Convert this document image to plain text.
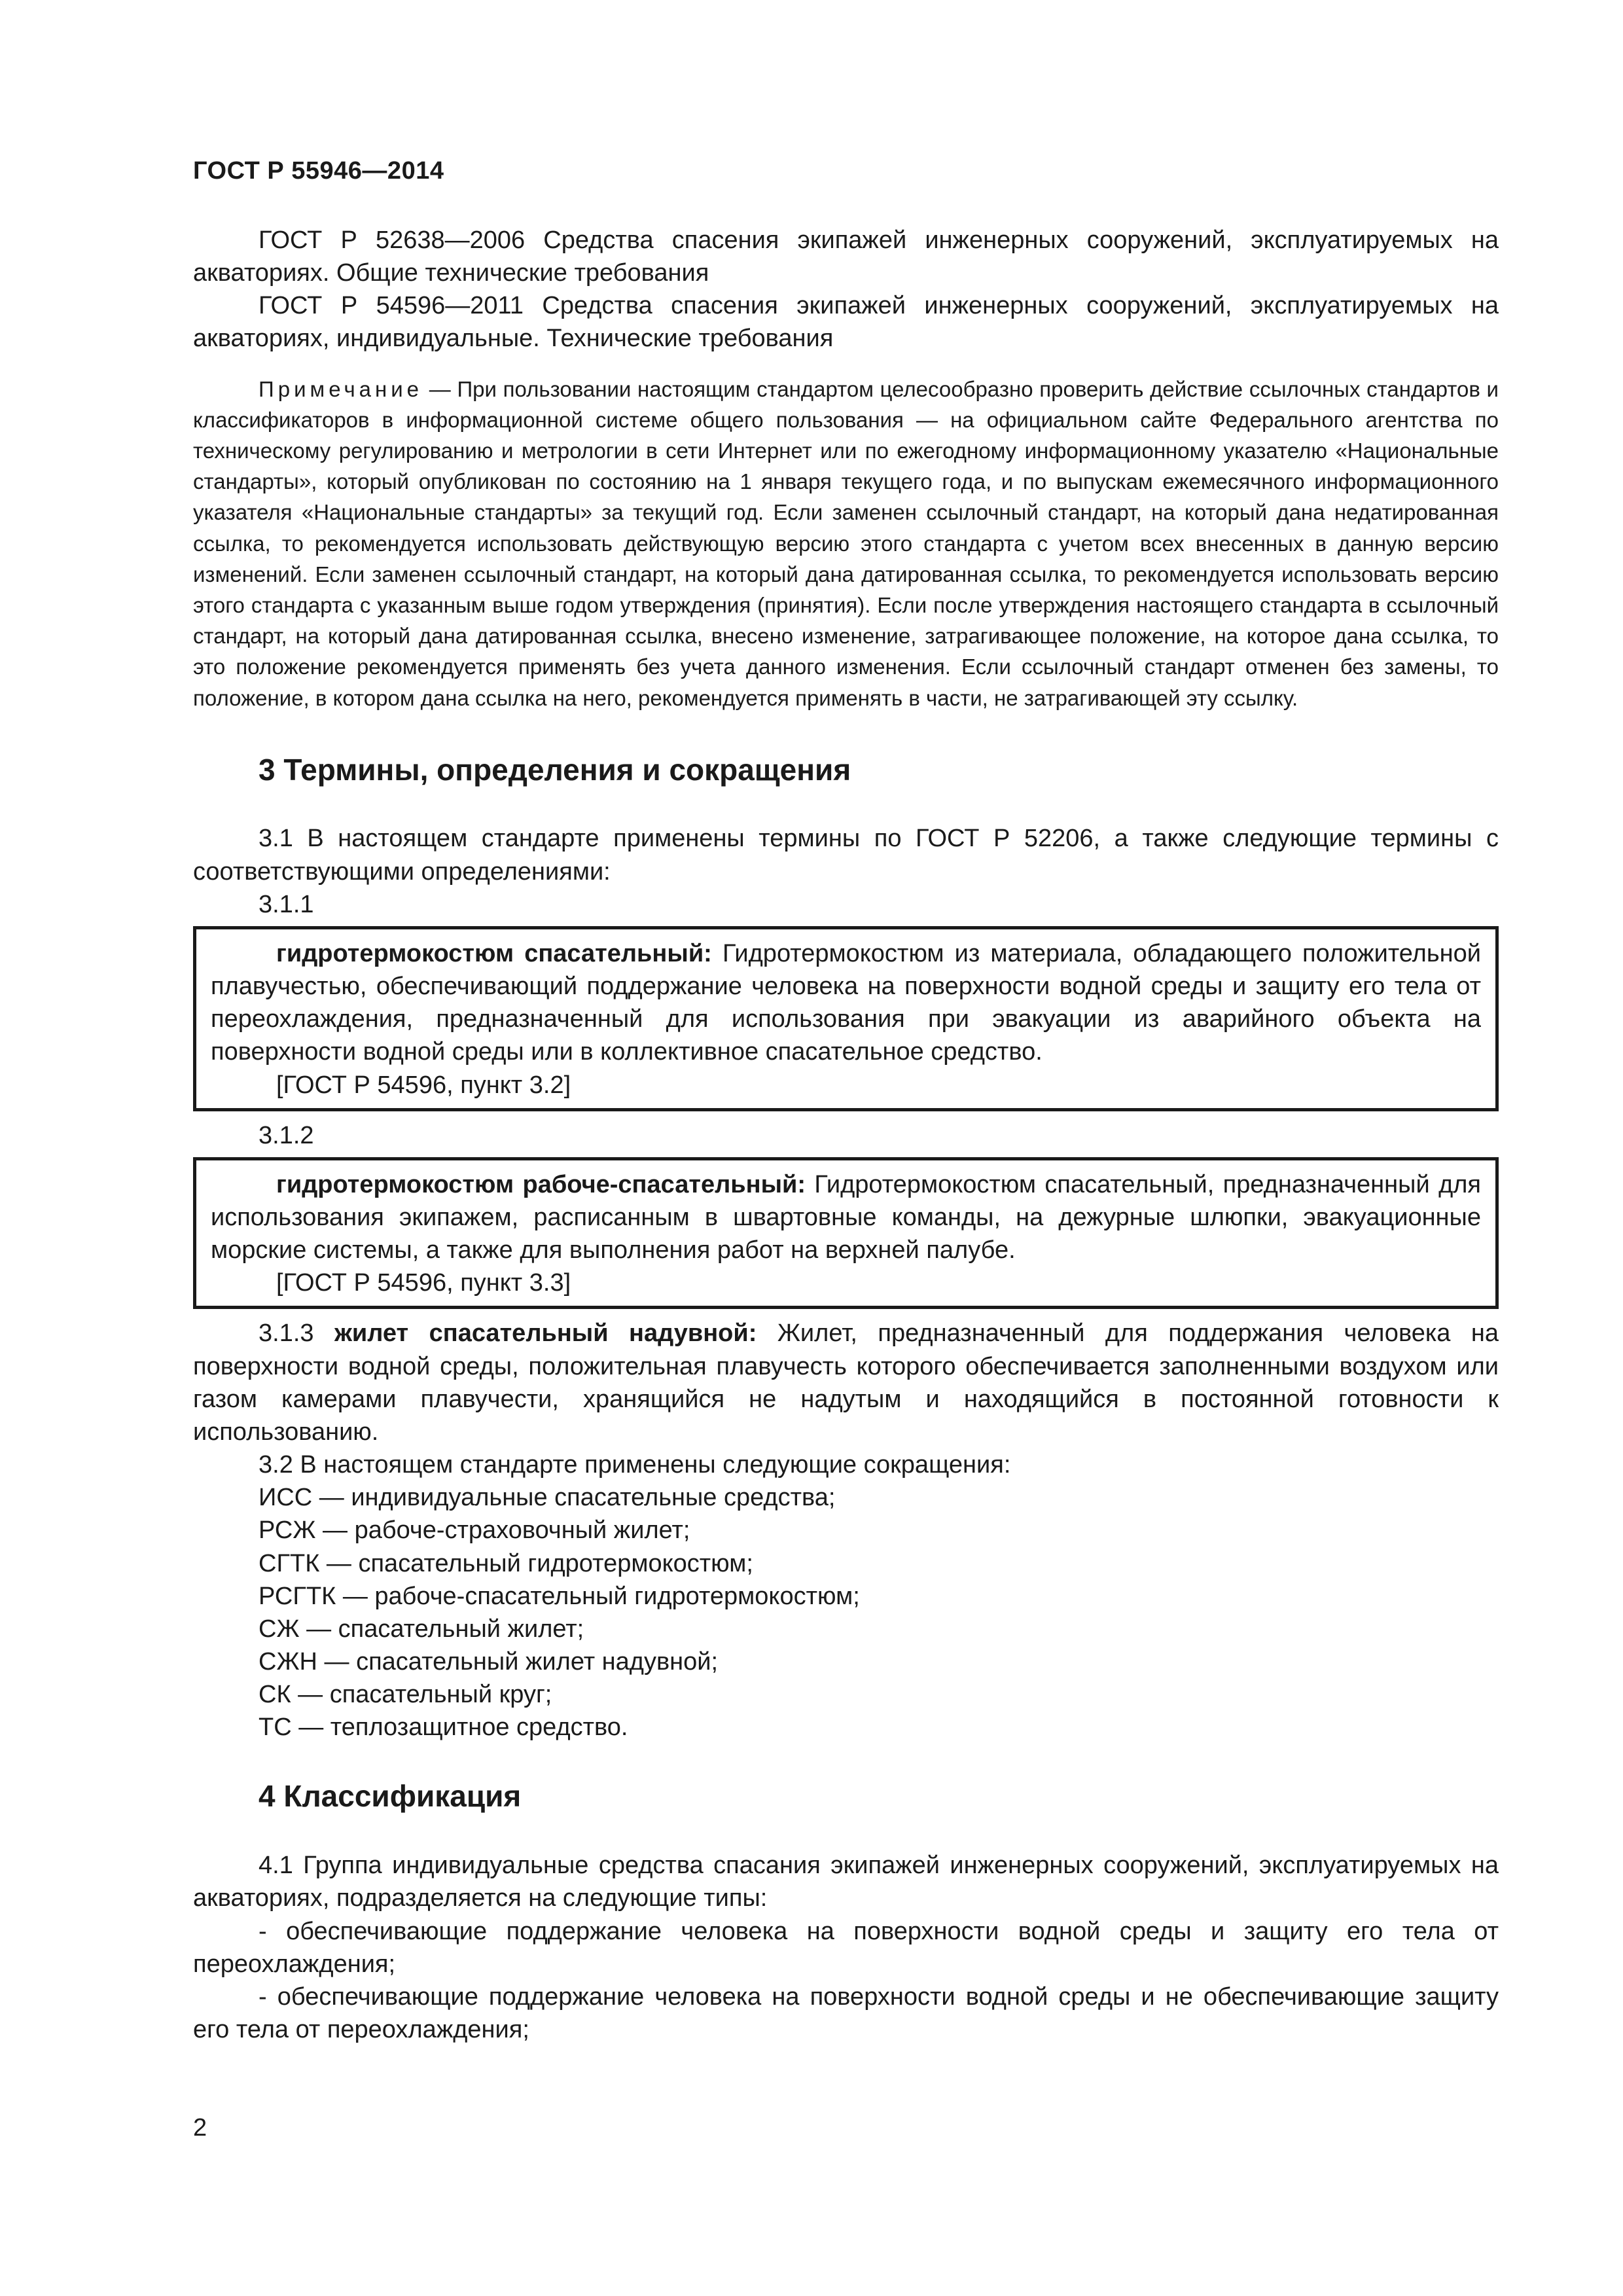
ГОСТ Р 55946—2014

ГОСТ Р 52638—2006 Средства спасения экипажей инженерных сооружений, эксплуатируемых на акваториях. Общие технические требования

ГОСТ Р 54596—2011 Средства спасения экипажей инженерных сооружений, эксплуатируемых на акваториях, индивидуальные. Технические требования

Примечание — При пользовании настоящим стандартом целесообразно проверить действие ссылочных стандартов и классификаторов в информационной системе общего пользования — на официальном сайте Федерального агентства по техническому регулированию и метрологии в сети Интернет или по ежегодному информационному указателю «Национальные стандарты», который опубликован по состоянию на 1 января текущего года, и по выпускам ежемесячного информационного указателя «Национальные стандарты» за текущий год. Если заменен ссылочный стандарт, на который дана недатированная ссылка, то рекомендуется использовать действующую версию этого стандарта с учетом всех внесенных в данную версию изменений. Если заменен ссылочный стандарт, на который дана датированная ссылка, то рекомендуется использовать версию этого стандарта с указанным выше годом утверждения (принятия). Если после утверждения настоящего стандарта в ссылочный стандарт, на который дана датированная ссылка, внесено изменение, затрагивающее положение, на которое дана ссылка, то это положение рекомендуется применять без учета данного изменения. Если ссылочный стандарт отменен без замены, то положение, в котором дана ссылка на него, рекомендуется применять в части, не затрагивающей эту ссылку.

3 Термины, определения и сокращения

3.1 В настоящем стандарте применены термины по ГОСТ Р 52206, а также следующие термины с соответствующими определениями:

3.1.1

гидротермокостюм спасательный: Гидротермокостюм из материала, обладающего положительной плавучестью, обеспечивающий поддержание человека на поверхности водной среды и защиту его тела от переохлаждения, предназначенный для использования при эвакуации из аварийного объекта на поверхности водной среды или в коллективное спасательное средство.

[ГОСТ Р 54596, пункт 3.2]

3.1.2

гидротермокостюм рабоче-спасательный: Гидротермокостюм спасательный, предназначенный для использования экипажем, расписанным в швартовные команды, на дежурные шлюпки, эвакуационные морские системы, а также для выполнения работ на верхней палубе.

[ГОСТ Р 54596, пункт 3.3]

3.1.3 жилет спасательный надувной: Жилет, предназначенный для поддержания человека на поверхности водной среды, положительная плавучесть которого обеспечивается заполненными воздухом или газом камерами плавучести, хранящийся не надутым и находящийся в постоянной готовности к использованию.

3.2 В настоящем стандарте применены следующие сокращения:

ИСС — индивидуальные спасательные средства;

РСЖ — рабоче-страховочный жилет;

СГТК — спасательный гидротермокостюм;

РСГТК — рабоче-спасательный гидротермокостюм;

СЖ — спасательный жилет;

СЖН — спасательный жилет надувной;

СК — спасательный круг;

ТС — теплозащитное средство.

4 Классификация

4.1 Группа индивидуальные средства спасания экипажей инженерных сооружений, эксплуатируемых на акваториях, подразделяется на следующие типы:

- обеспечивающие поддержание человека на поверхности водной среды и защиту его тела от переохлаждения;

- обеспечивающие поддержание человека на поверхности водной среды и не обеспечивающие защиту его тела от переохлаждения;

2
